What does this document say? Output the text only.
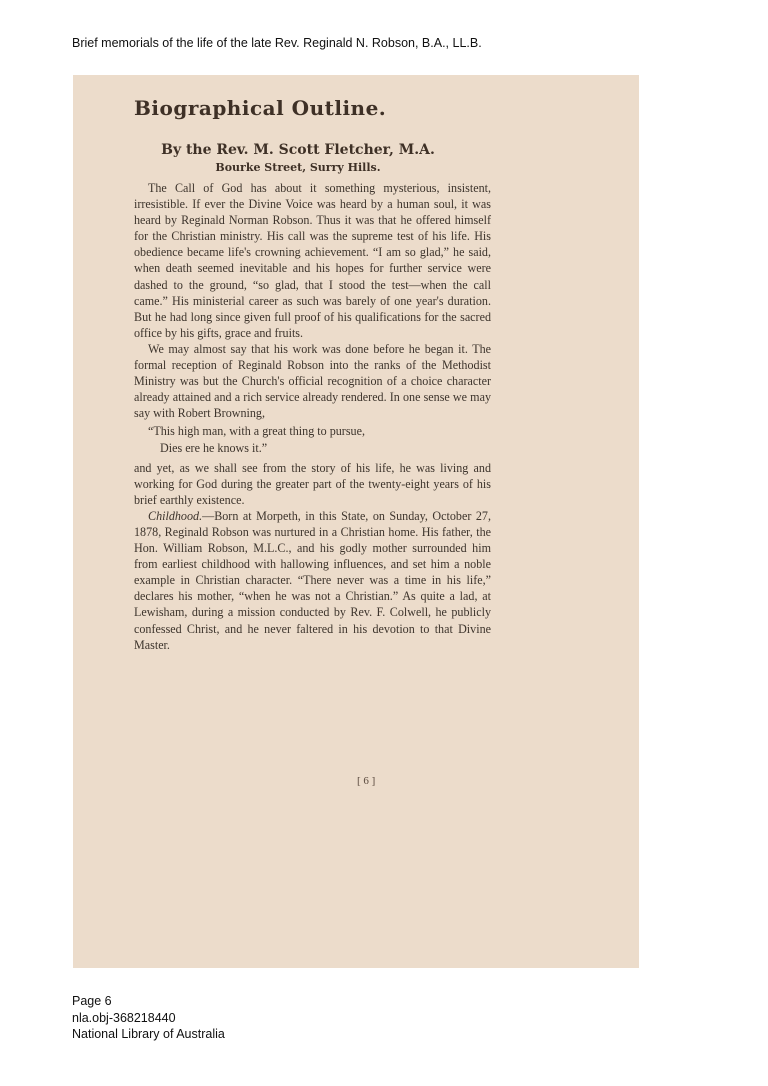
Brief memorials of the life of the late Rev. Reginald N. Robson, B.A., LL.B.
Biographical Outline.
By the Rev. M. Scott Fletcher, M.A.
Bourke Street, Surry Hills.

The Call of God has about it something mysterious, insistent, irresistible. If ever the Divine Voice was heard by a human soul, it was heard by Reginald Norman Robson. Thus it was that he offered himself for the Christian ministry. His call was the supreme test of his life. His obedience became life's crowning achievement. “I am so glad,” he said, when death seemed inevitable and his hopes for further service were dashed to the ground, “so glad, that I stood the test—when the call came.” His ministerial career as such was barely of one year's duration. But he had long since given full proof of his qualifications for the sacred office by his gifts, grace and fruits.

We may almost say that his work was done before he began it. The formal reception of Reginald Robson into the ranks of the Methodist Ministry was but the Church's official recognition of a choice character already attained and a rich service already rendered. In one sense we may say with Robert Browning,

“This high man, with a great thing to pursue,
Dies ere he knows it.”

and yet, as we shall see from the story of his life, he was living and working for God during the greater part of the twenty-eight years of his brief earthly existence.

Childhood.—Born at Morpeth, in this State, on Sunday, October 27, 1878, Reginald Robson was nurtured in a Christian home. His father, the Hon. William Robson, M.L.C., and his godly mother surrounded him from earliest childhood with hallowing influences, and set him a noble example in Christian character. “There never was a time in his life,” declares his mother, “when he was not a Christian.” As quite a lad, at Lewisham, during a mission conducted by Rev. F. Colwell, he publicly confessed Christ, and he never faltered in his devotion to that Divine Master.

[ 6 ]
Page 6
nla.obj-368218440
National Library of Australia
